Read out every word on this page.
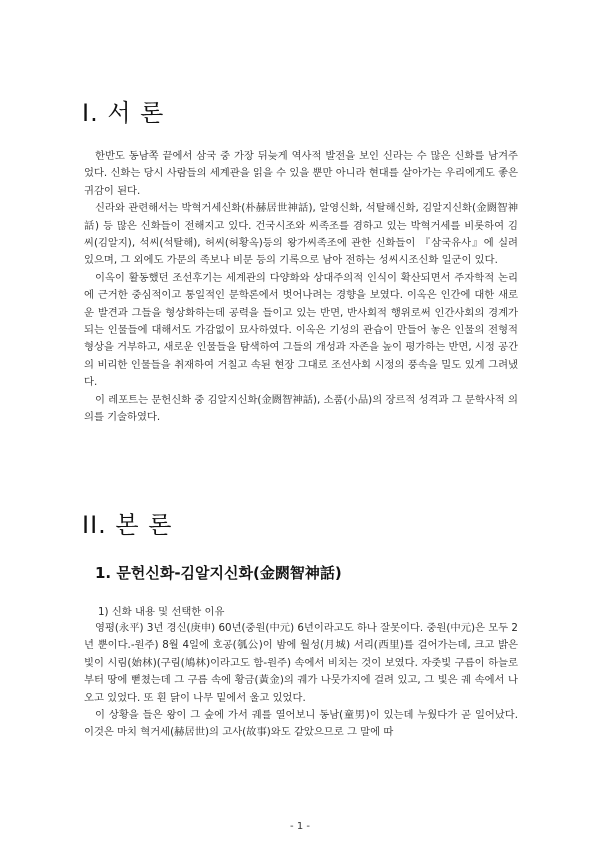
I. 서 론

한반도 동남쪽 끝에서 삼국 중 가장 뒤늦게 역사적 발전을 보인 신라는 수 많은 신화를 남겨주었다. 신화는 당시 사람들의 세계관을 읽을 수 있을 뿐만 아니라 현대를 살아가는 우리에게도 좋은 귀감이 된다.

신라와 관련해서는 박혁거세신화(朴赫居世神話), 알영신화, 석탈해신화, 김알지신화(金閼智神話) 등 많은 신화들이 전해지고 있다. 건국시조와 씨족조를 겸하고 있는 박혁거세를 비롯하여 김씨(김알지), 석씨(석탈해), 허씨(허황옥)등의 왕가씨족조에 관한 신화들이 『삼국유사』에 실려 있으며, 그 외에도 가문의 족보나 비문 등의 기록으로 남아 전하는 성씨시조신화 일군이 있다.

이옥이 활동했던 조선후기는 세계관의 다양화와 상대주의적 인식이 확산되면서 주자학적 논리에 근거한 중심적이고 통일적인 문학론에서 벗어나려는 경향을 보였다. 이옥은 인간에 대한 새로운 발견과 그들을 형상화하는데 공력을 들이고 있는 반면, 반사회적 행위로써 인간사회의 경계가 되는 인물들에 대해서도 가감없이 묘사하였다. 이옥은 기성의 관습이 만들어 놓은 인물의 전형적 형상을 거부하고, 새로운 인물들을 탐색하여 그들의 개성과 자존을 높이 평가하는 반면, 시정 공간의 비리한 인물들을 취재하여 거칠고 속된 현장 그대로 조선사회 시정의 풍속을 밀도 있게 그려냈다.

이 레포트는 문헌신화 중 김알지신화(金閼智神話), 소품(小品)의 장르적 성격과 그 문학사적 의의를 기술하였다.

II. 본 론
1. 문헌신화-김알지신화(金閼智神話)
1) 신화 내용 및 선택한 이유

영평(永平) 3년 경신(庚申) 60년(중원(中元) 6년이라고도 하나 잘못이다. 중원(中元)은 모두 2년 뿐이다.-원주) 8월 4일에 호공(瓠公)이 밤에 월성(月城) 서리(西里)를 걸어가는데, 크고 밝은 빛이 시림(始林)(구림(鳩林)이라고도 함-원주) 속에서 비치는 것이 보였다. 자줏빛 구름이 하늘로부터 땅에 뻗쳤는데 그 구름 속에 황금(黃金)의 궤가 나뭇가지에 걸려 있고, 그 빛은 궤 속에서 나오고 있었다. 또 흰 닭이 나무 밑에서 울고 있었다.

이 상황을 들은 왕이 그 숲에 가서 궤를 열어보니 동남(童男)이 있는데 누웠다가 곧 일어났다. 이것은 마치 혁거세(赫居世)의 고사(故事)와도 같았으므로 그 말에 따

- 1 -
